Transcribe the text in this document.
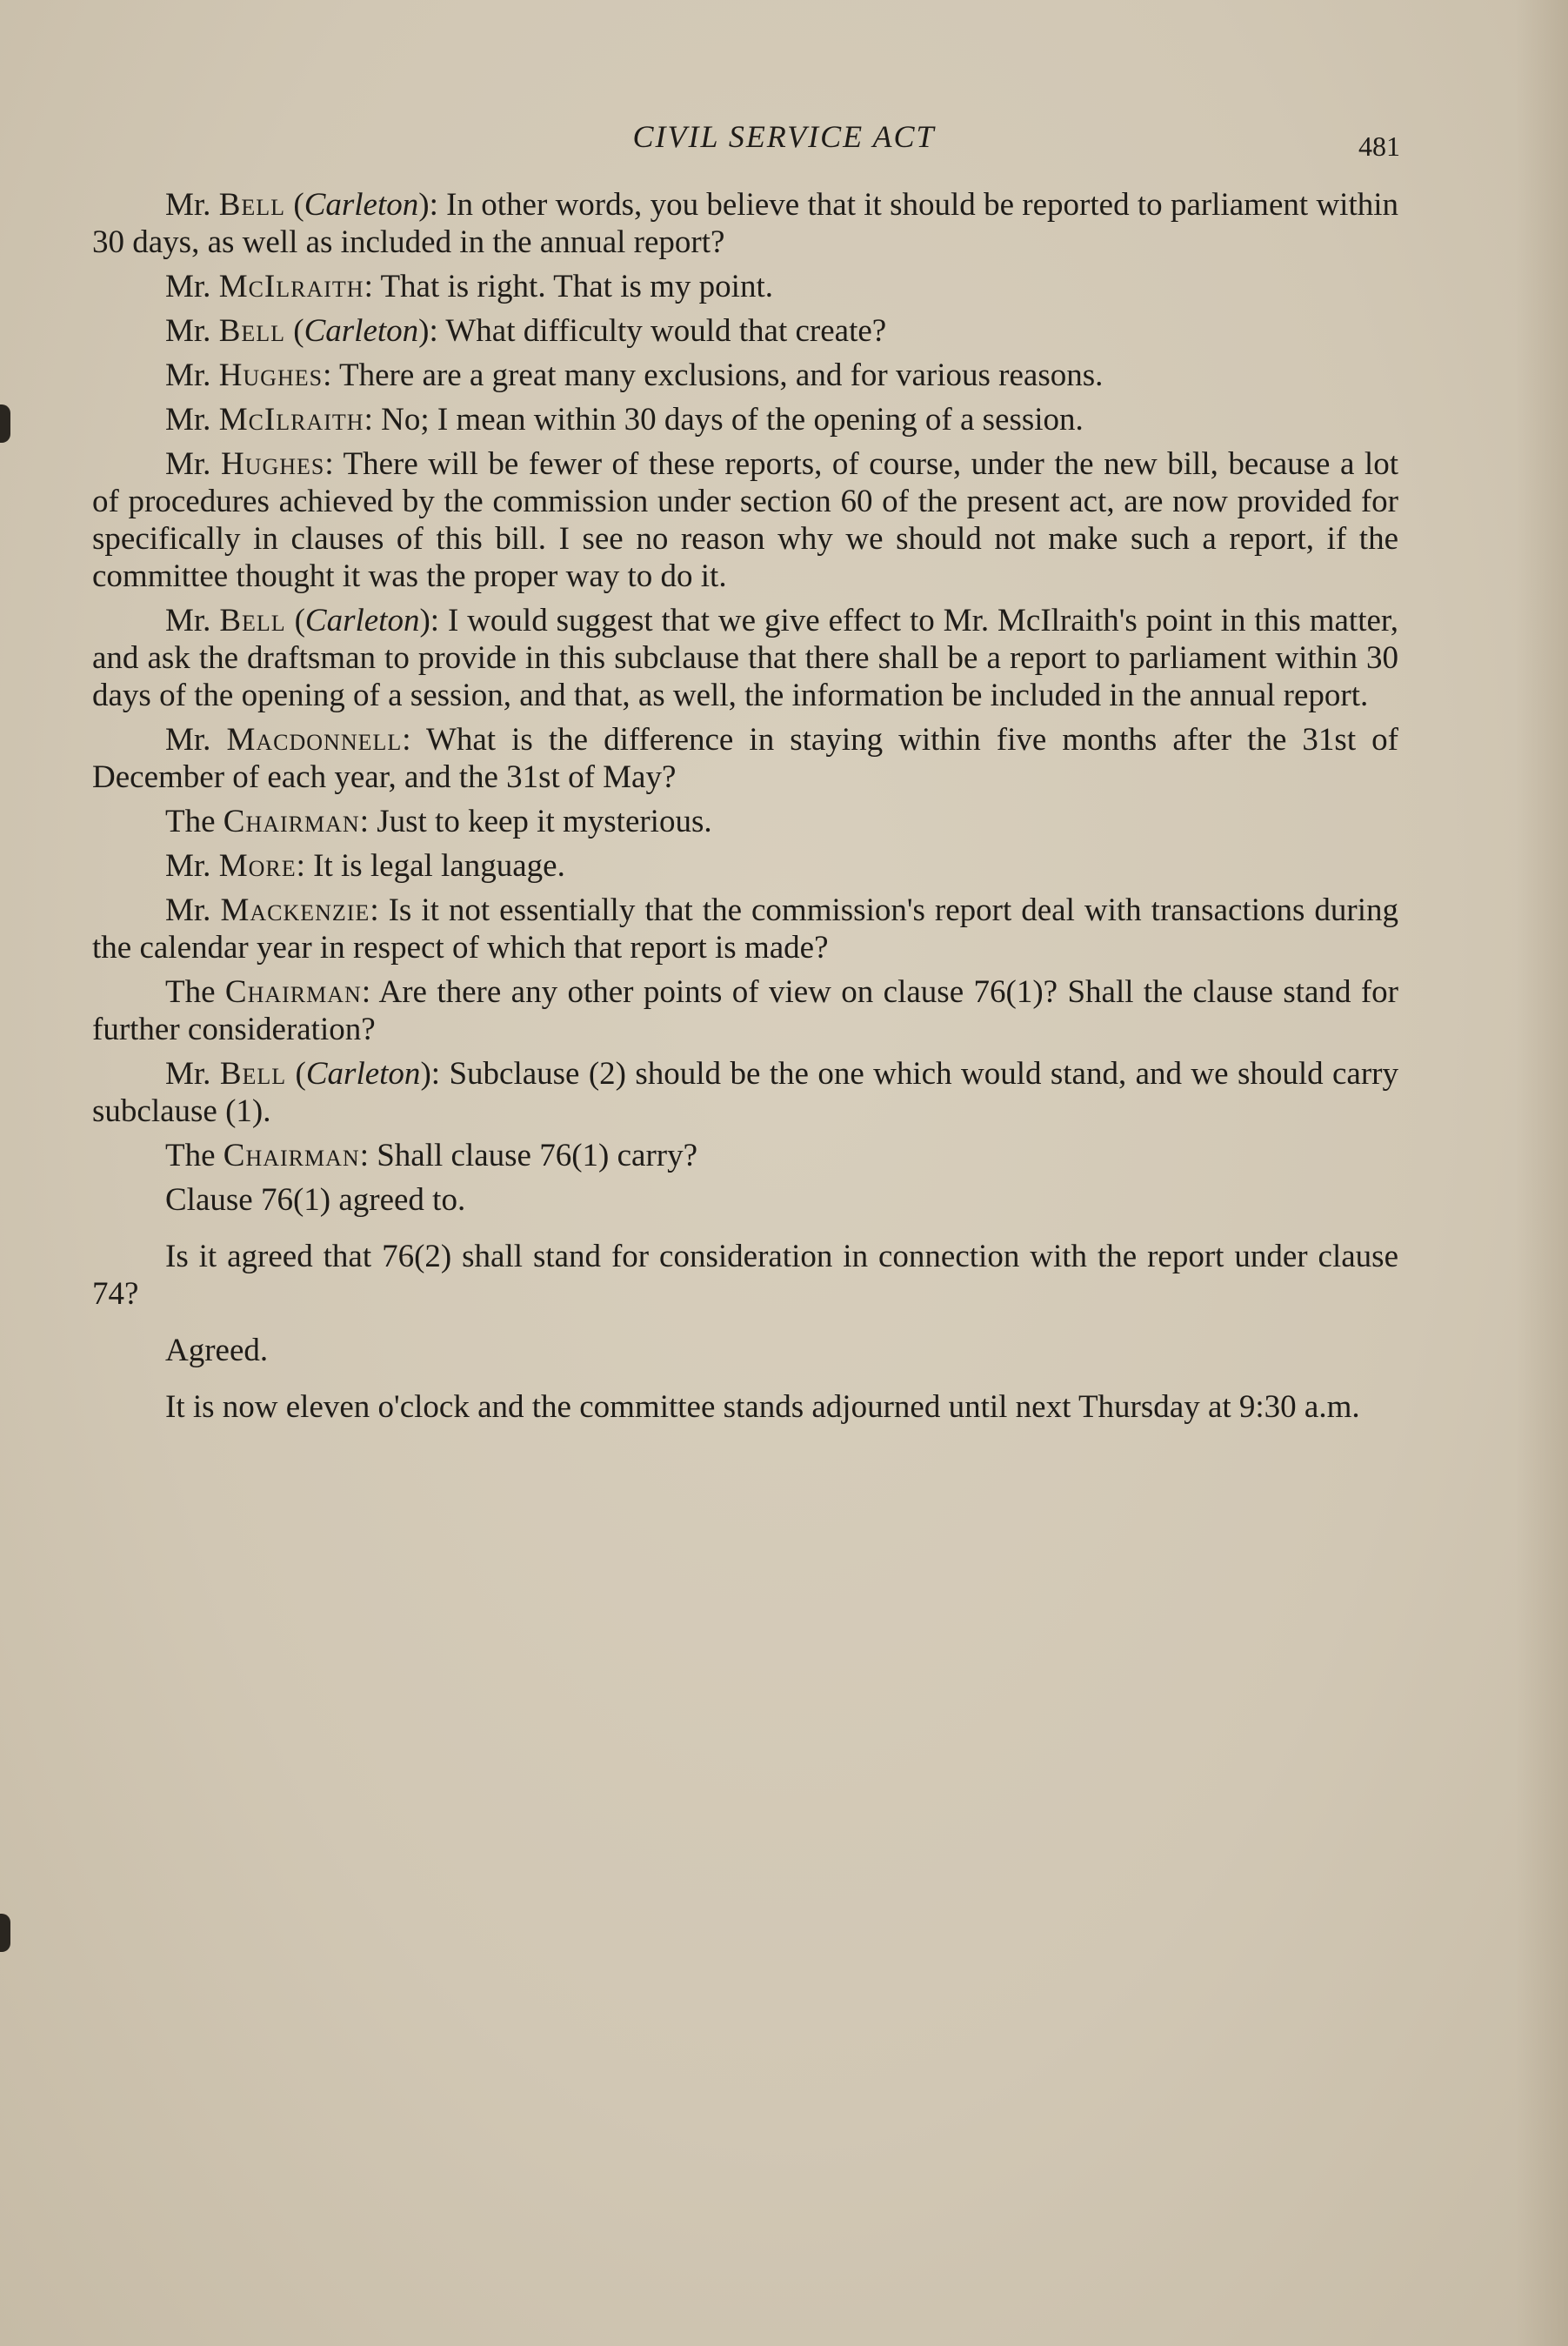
CIVIL SERVICE ACT	481

Mr. Bell (Carleton): In other words, you believe that it should be reported to parliament within 30 days, as well as included in the annual report?

Mr. McIlraith: That is right. That is my point.

Mr. Bell (Carleton): What difficulty would that create?

Mr. Hughes: There are a great many exclusions, and for various reasons.

Mr. McIlraith: No; I mean within 30 days of the opening of a session.

Mr. Hughes: There will be fewer of these reports, of course, under the new bill, because a lot of procedures achieved by the commission under section 60 of the present act, are now provided for specifically in clauses of this bill. I see no reason why we should not make such a report, if the committee thought it was the proper way to do it.

Mr. Bell (Carleton): I would suggest that we give effect to Mr. McIlraith's point in this matter, and ask the draftsman to provide in this subclause that there shall be a report to parliament within 30 days of the opening of a session, and that, as well, the information be included in the annual report.

Mr. Macdonnell: What is the difference in staying within five months after the 31st of December of each year, and the 31st of May?

The Chairman: Just to keep it mysterious.

Mr. More: It is legal language.

Mr. Mackenzie: Is it not essentially that the commission's report deal with transactions during the calendar year in respect of which that report is made?

The Chairman: Are there any other points of view on clause 76(1)? Shall the clause stand for further consideration?

Mr. Bell (Carleton): Subclause (2) should be the one which would stand, and we should carry subclause (1).

The Chairman: Shall clause 76(1) carry?

Clause 76(1) agreed to.

Is it agreed that 76(2) shall stand for consideration in connection with the report under clause 74?

Agreed.

It is now eleven o'clock and the committee stands adjourned until next Thursday at 9:30 a.m.
